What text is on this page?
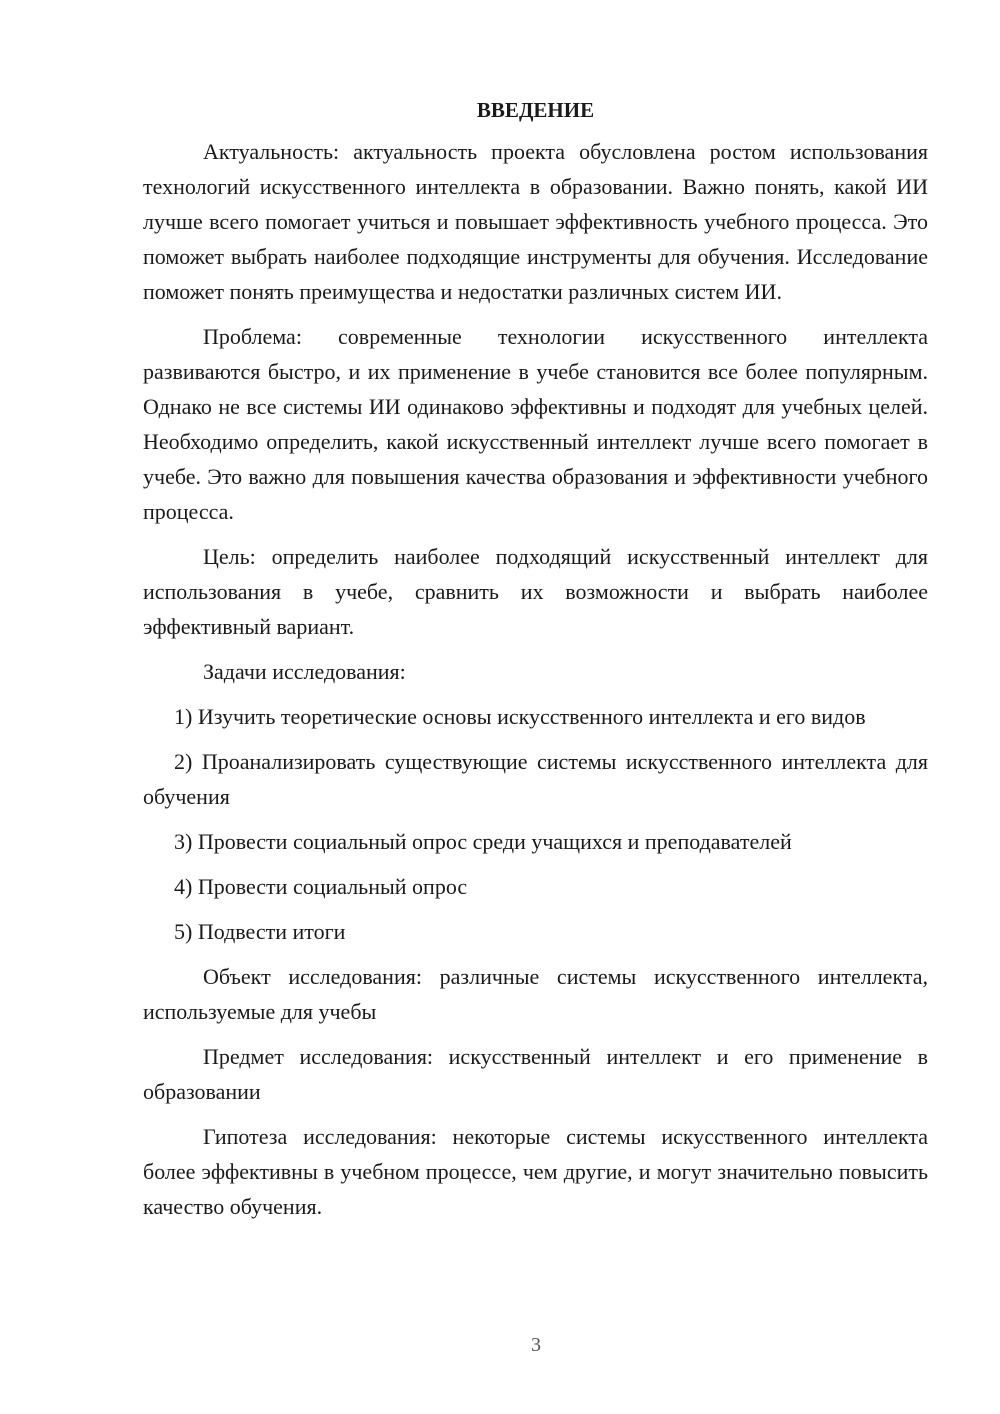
ВВЕДЕНИЕ

Актуальность: актуальность проекта обусловлена ростом использования технологий искусственного интеллекта в образовании. Важно понять, какой ИИ лучше всего помогает учиться и повышает эффективность учебного процесса. Это поможет выбрать наиболее подходящие инструменты для обучения. Исследование поможет понять преимущества и недостатки различных систем ИИ.

Проблема: современные технологии искусственного интеллекта развиваются быстро, и их применение в учебе становится все более популярным. Однако не все системы ИИ одинаково эффективны и подходят для учебных целей. Необходимо определить, какой искусственный интеллект лучше всего помогает в учебе. Это важно для повышения качества образования и эффективности учебного процесса.

Цель: определить наиболее подходящий искусственный интеллект для использования в учебе, сравнить их возможности и выбрать наиболее эффективный вариант.

Задачи исследования:

1) Изучить теоретические основы искусственного интеллекта и его видов

2) Проанализировать существующие системы искусственного интеллекта для обучения

3) Провести социальный опрос среди учащихся и преподавателей

4) Провести социальный опрос

5) Подвести итоги

Объект исследования: различные системы искусственного интеллекта, используемые для учебы

Предмет исследования: искусственный интеллект и его применение в образовании

Гипотеза исследования: некоторые системы искусственного интеллекта более эффективны в учебном процессе, чем другие, и могут значительно повысить качество обучения.

3
